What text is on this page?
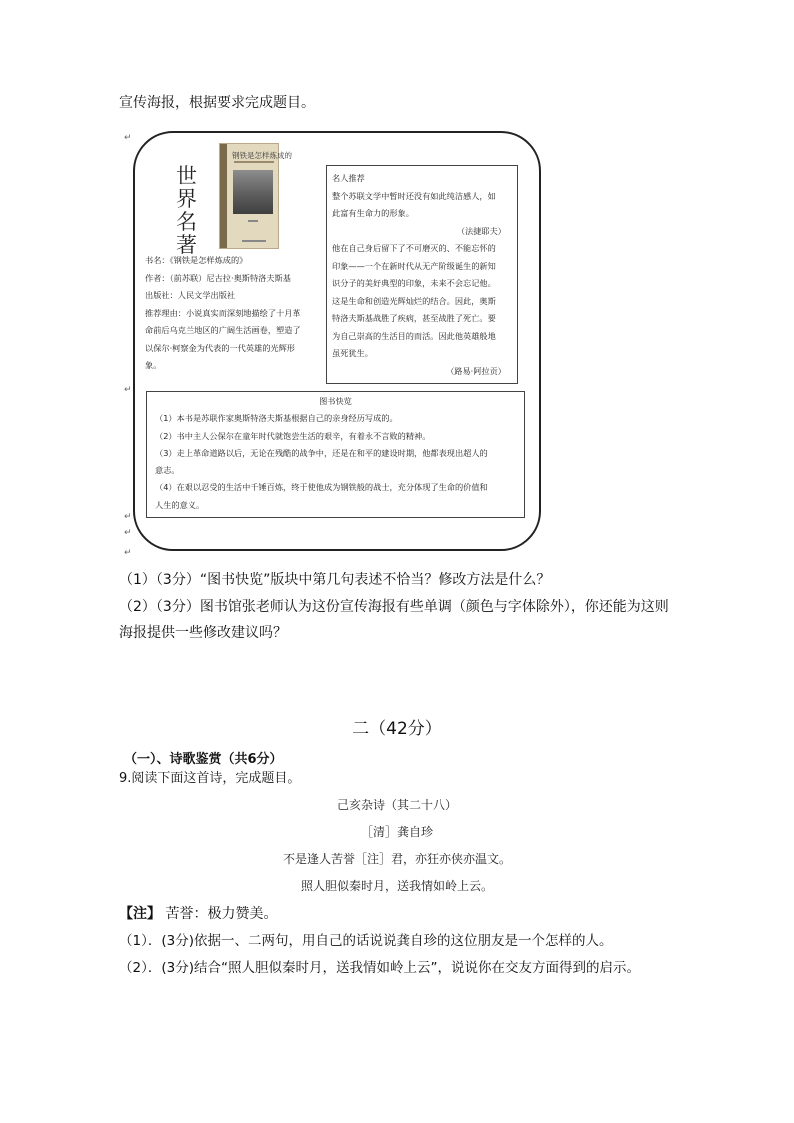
宣传海报，根据要求完成题目。
↵
↵
↵
↵
↵
世界名著
钢铁是怎样炼成的
书名：《钢铁是怎样炼成的》
作者：（前苏联）尼古拉·奥斯特洛夫斯基
出版社：人民文学出版社
推荐理由：小说真实而深刻地描绘了十月革
命前后乌克兰地区的广阔生活画卷，塑造了
以保尔·柯察金为代表的一代英雄的光辉形
象。
名人推荐
整个苏联文学中暂时还没有如此纯洁感人，如
此富有生命力的形象。
（法捷耶夫）
他在自己身后留下了不可磨灭的、不能忘怀的
印象——一个在新时代从无产阶级诞生的新知
识分子的美好典型的印象，未来不会忘记他。
这是生命和创造光辉灿烂的结合。因此，奥斯
特洛夫斯基战胜了疾病，甚至战胜了死亡。要
为自己崇高的生活目的而活。因此他英雄般地
虽死犹生。
（路易·阿拉贡）
图书快览
（1）本书是苏联作家奥斯特洛夫斯基根据自己的亲身经历写成的。
（2）书中主人公保尔在童年时代就饱尝生活的艰辛，有着永不言败的精神。
（3）走上革命道路以后，无论在残酷的战争中，还是在和平的建设时期，他都表现出超人的
意志。
（4）在艰以忍受的生活中千锤百炼，终于使他成为钢铁般的战士，充分体现了生命的价值和
人生的意义。
（1）（3分）“图书快览”版块中第几句表述不恰当？修改方法是什么？
（2）（3分）图书馆张老师认为这份宣传海报有些单调（颜色与字体除外），你还能为这则
海报提供一些修改建议吗？
二（42分）
（一）、诗歌鉴赏（共6分）
9.阅读下面这首诗，完成题目。
己亥杂诗（其二十八）
［清］龚自珍
不是逢人苦誉［注］君，亦狂亦侠亦温文。
照人胆似秦时月，送我情如岭上云。
【注】 苦誉：极力赞美。
（1）．(3分)依据一、二两句，用自己的话说说龚自珍的这位朋友是一个怎样的人。
（2）．(3分)结合“照人胆似秦时月，送我情如岭上云”，说说你在交友方面得到的启示。
